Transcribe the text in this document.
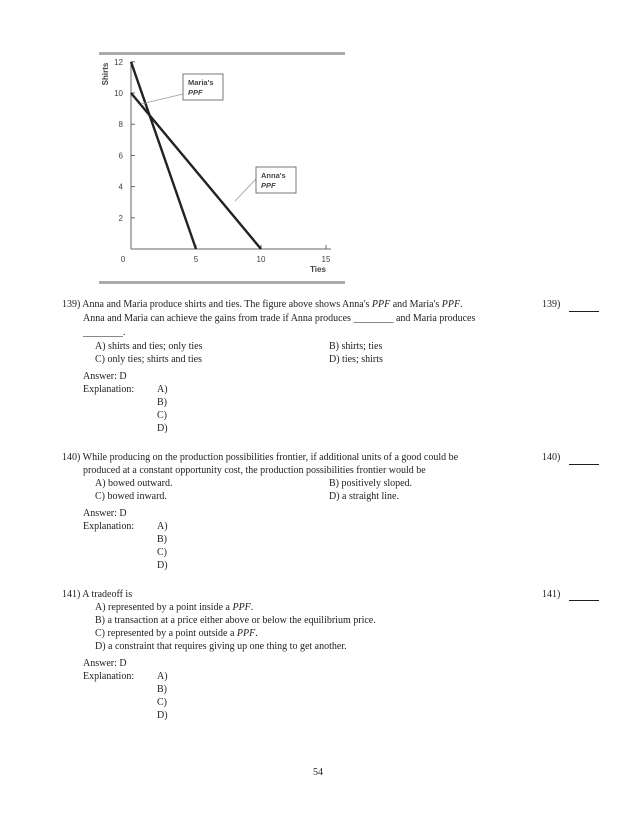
12
10
8
6
4
2
0	5	10	15
Shirts
Ties
Maria's
PPF
Anna's
PPF
139) Anna and Maria produce shirts and ties. The figure above shows Anna's PPF and Maria's PPF.
Anna and Maria can achieve the gains from trade if Anna produces ________ and Maria produces
________.
A) shirts and ties; only ties	B) shirts; ties
C) only ties; shirts and ties	D) ties; shirts
139)
Answer: D
Explanation: A)
B)
C)
D)
140) While producing on the production possibilities frontier, if additional units of a good could be
produced at a constant opportunity cost, the production possibilities frontier would be
A) bowed outward.	B) positively sloped.
C) bowed inward.	D) a straight line.
140)
Answer: D
Explanation: A)
B)
C)
D)
141) A tradeoff is
A) represented by a point inside a PPF.
B) a transaction at a price either above or below the equilibrium price.
C) represented by a point outside a PPF.
D) a constraint that requires giving up one thing to get another.
141)
Answer: D
Explanation: A)
B)
C)
D)
54
